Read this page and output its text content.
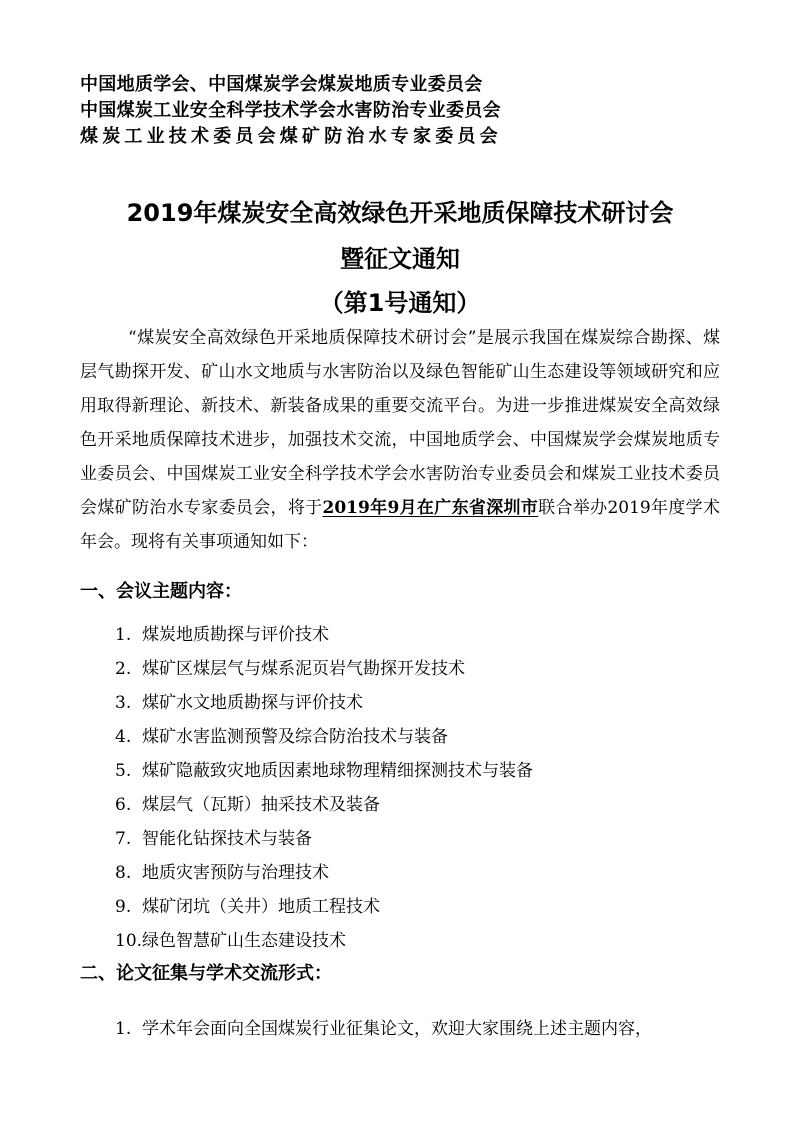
中国地质学会、中国煤炭学会煤炭地质专业委员会
中国煤炭工业安全科学技术学会水害防治专业委员会
煤炭工业技术委员会煤矿防治水专家委员会
2019年煤炭安全高效绿色开采地质保障技术研讨会
暨征文通知
（第1号通知）
“煤炭安全高效绿色开采地质保障技术研讨会”是展示我国在煤炭综合勘探、煤层气勘探开发、矿山水文地质与水害防治以及绿色智能矿山生态建设等领域研究和应用取得新理论、新技术、新装备成果的重要交流平台。为进一步推进煤炭安全高效绿色开采地质保障技术进步，加强技术交流，中国地质学会、中国煤炭学会煤炭地质专业委员会、中国煤炭工业安全科学技术学会水害防治专业委员会和煤炭工业技术委员会煤矿防治水专家委员会，将于2019年9月在广东省深圳市联合举办2019年度学术年会。现将有关事项通知如下：
一、会议主题内容：
1. 煤炭地质勘探与评价技术
2. 煤矿区煤层气与煤系泥页岩气勘探开发技术
3. 煤矿水文地质勘探与评价技术
4. 煤矿水害监测预警及综合防治技术与装备
5. 煤矿隐蔽致灾地质因素地球物理精细探测技术与装备
6. 煤层气（瓦斯）抽采技术及装备
7. 智能化钻探技术与装备
8. 地质灾害预防与治理技术
9. 煤矿闭坑（关井）地质工程技术
10.绿色智慧矿山生态建设技术
二、论文征集与学术交流形式：
1. 学术年会面向全国煤炭行业征集论文，欢迎大家围绕上述主题内容，
